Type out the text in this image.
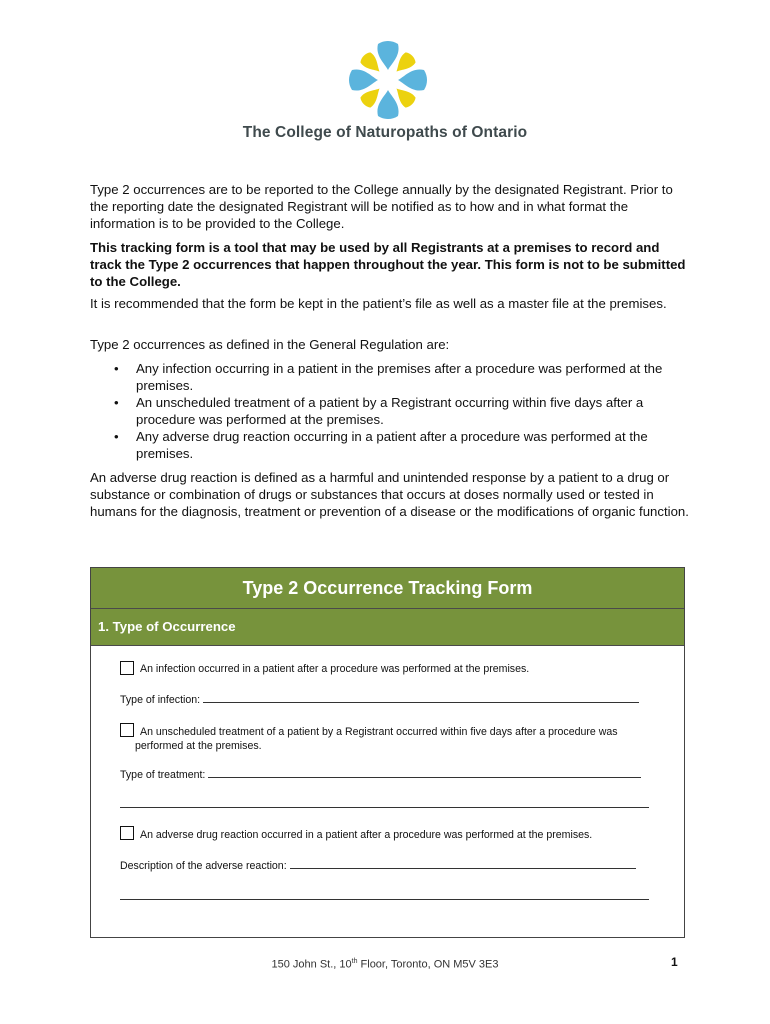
The College of Naturopaths of Ontario
Type 2 occurrences are to be reported to the College annually by the designated Registrant. Prior to the reporting date the designated Registrant will be notified as to how and in what format the information is to be provided to the College.
This tracking form is a tool that may be used by all Registrants at a premises to record and track the Type 2 occurrences that happen throughout the year. This form is not to be submitted to the College.
It is recommended that the form be kept in the patient’s file as well as a master file at the premises.
Type 2 occurrences as defined in the General Regulation are:
• Any infection occurring in a patient in the premises after a procedure was performed at the premises.
• An unscheduled treatment of a patient by a Registrant occurring within five days after a procedure was performed at the premises.
• Any adverse drug reaction occurring in a patient after a procedure was performed at the premises.
An adverse drug reaction is defined as a harmful and unintended response by a patient to a drug or substance or combination of drugs or substances that occurs at doses normally used or tested in humans for the diagnosis, treatment or prevention of a disease or the modifications of organic function.
Type 2 Occurrence Tracking Form
1. Type of Occurrence
An infection occurred in a patient after a procedure was performed at the premises.
Type of infection:
An unscheduled treatment of a patient by a Registrant occurred within five days after a procedure was performed at the premises.
Type of treatment:
An adverse drug reaction occurred in a patient after a procedure was performed at the premises.
Description of the adverse reaction:
150 John St., 10th Floor, Toronto, ON M5V 3E3	1
